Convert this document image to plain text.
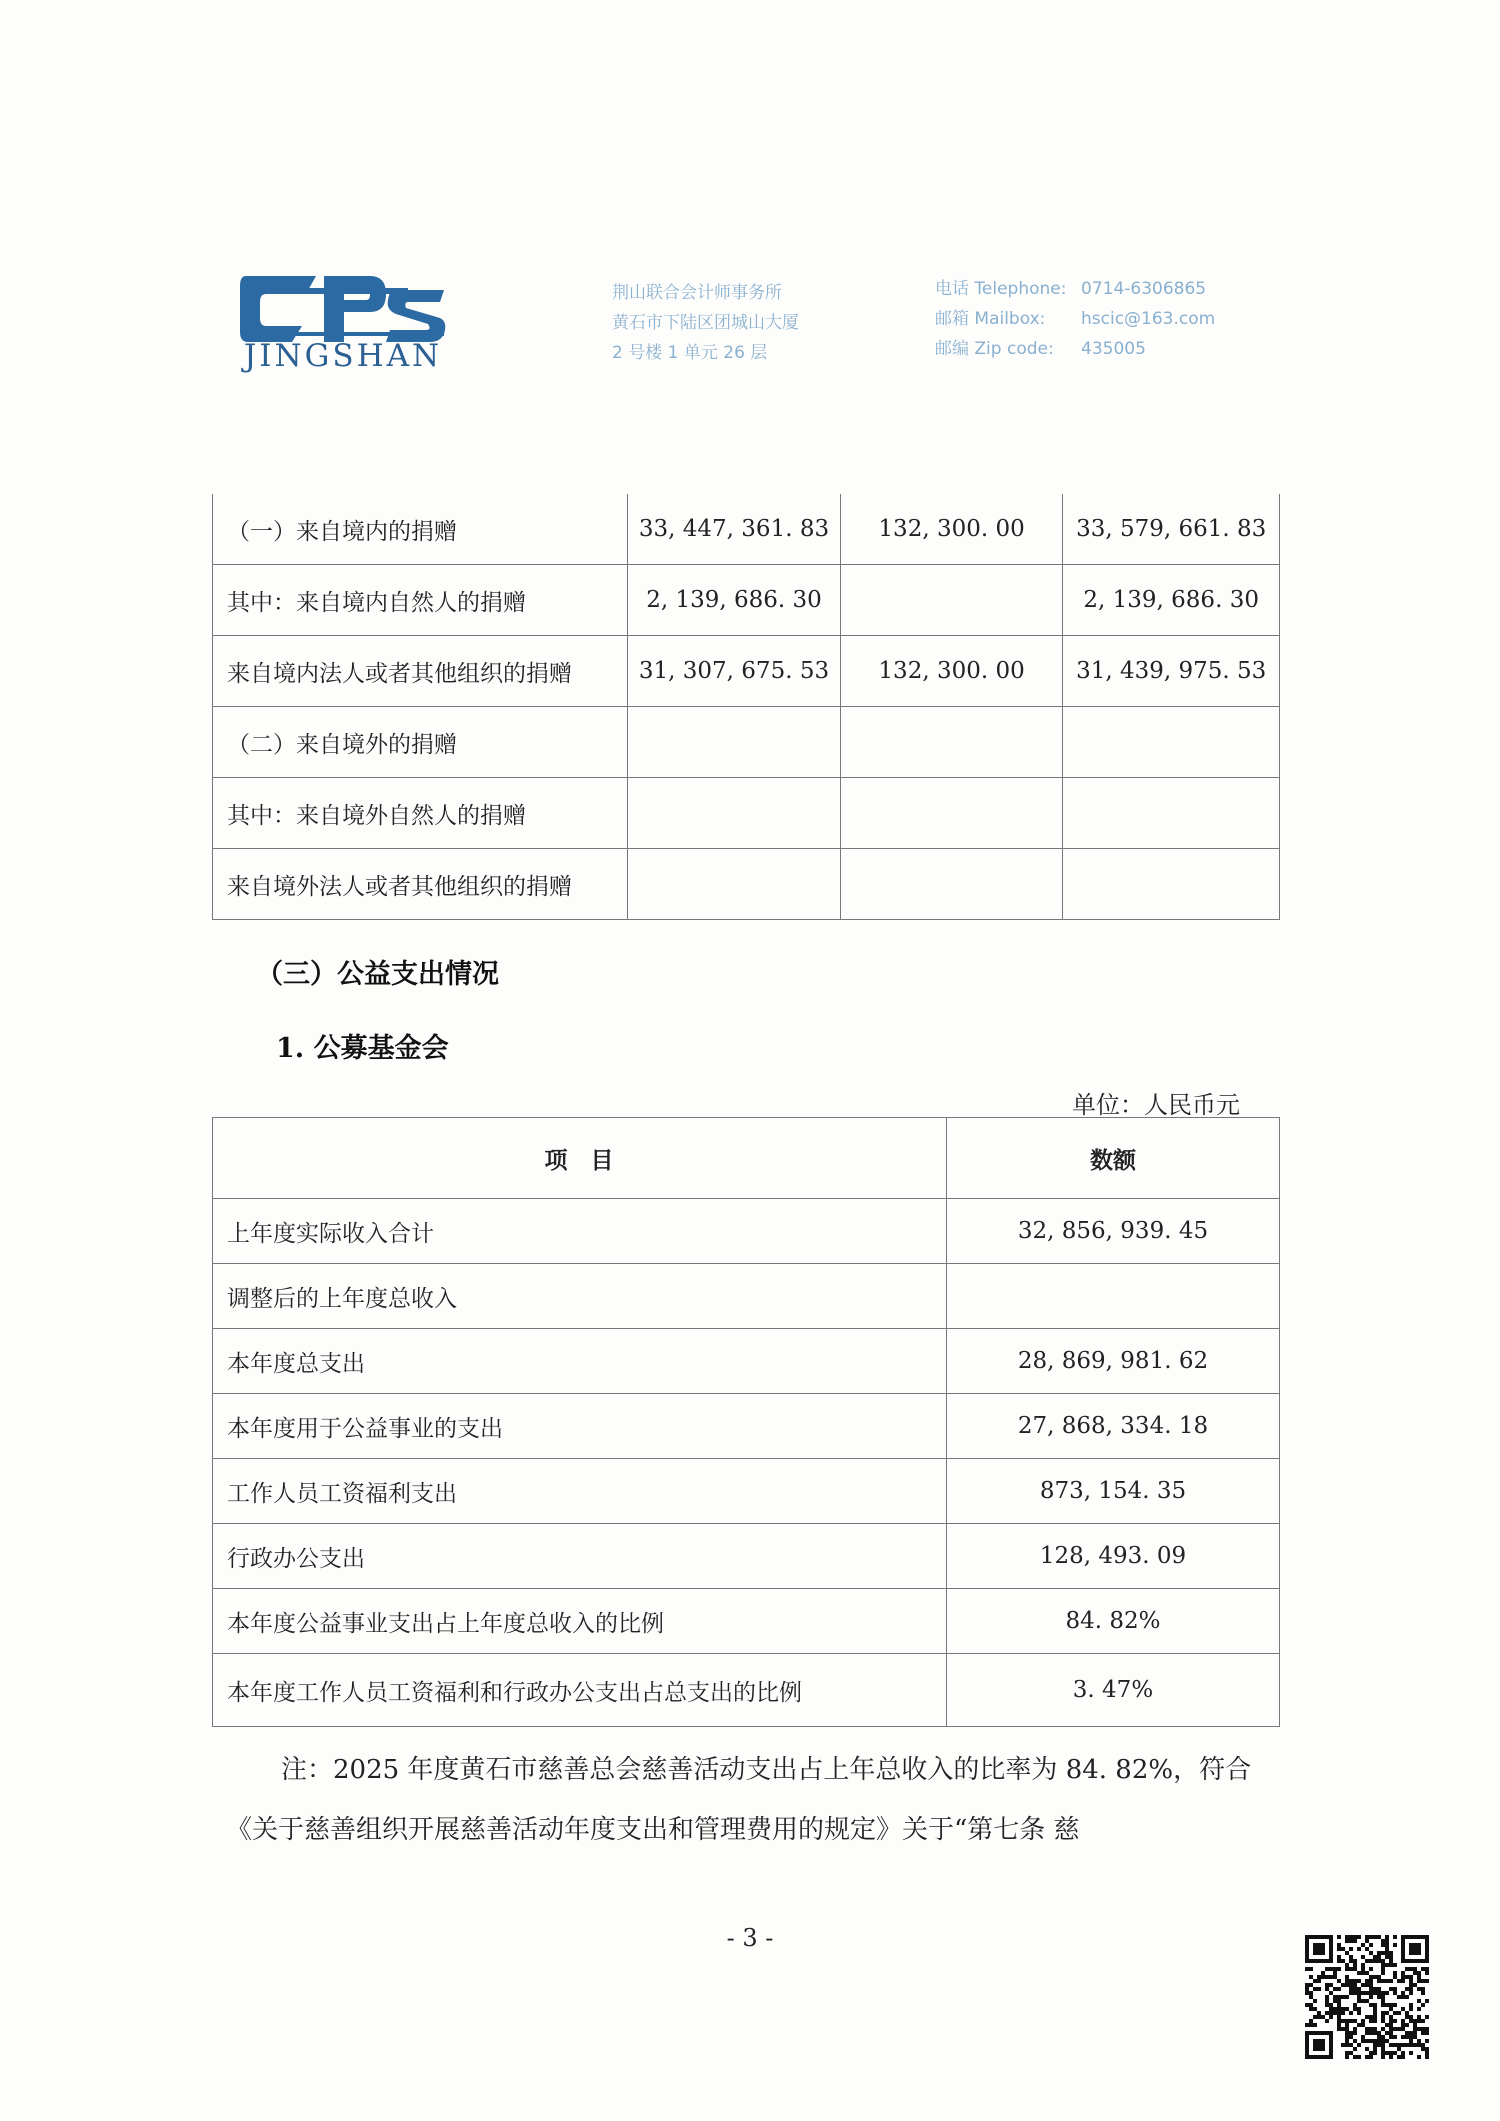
JINGSHAN
荆山联合会计师事务所
黄石市下陆区团城山大厦
2 号楼 1 单元 26 层
电话 Telephone: 0714-6306865
邮箱 Mailbox: hscic@163.com
邮编 Zip code: 435005
（一）来自境内的捐赠	33, 447, 361. 83	132, 300. 00	33, 579, 661. 83
其中：来自境内自然人的捐赠	2, 139, 686. 30		2, 139, 686. 30
来自境内法人或者其他组织的捐赠	31, 307, 675. 53	132, 300. 00	31, 439, 975. 53
（二）来自境外的捐赠			
其中：来自境外自然人的捐赠			
来自境外法人或者其他组织的捐赠			
（三）公益支出情况
1. 公募基金会
单位：人民币元
项　目	数额
上年度实际收入合计	32, 856, 939. 45
调整后的上年度总收入	
本年度总支出	28, 869, 981. 62
本年度用于公益事业的支出	27, 868, 334. 18
工作人员工资福利支出	873, 154. 35
行政办公支出	128, 493. 09
本年度公益事业支出占上年度总收入的比例	84. 82%
本年度工作人员工资福利和行政办公支出占总支出的比例	3. 47%

注：2025 年度黄石市慈善总会慈善活动支出占上年总收入的比率为 84. 82%，符合《关于慈善组织开展慈善活动年度支出和管理费用的规定》关于“第七条 慈

- 3 -
